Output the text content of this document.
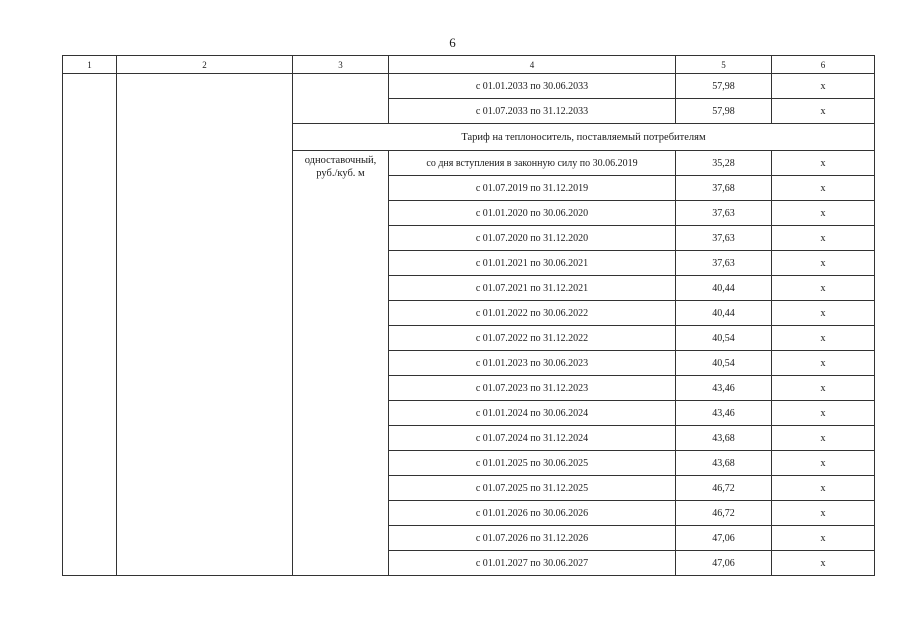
6
1	2	3	4	5	6
			с 01.01.2033 по 30.06.2033	57,98	х
			с 01.07.2033 по 31.12.2033	57,98	х
		Тариф на теплоноситель, поставляемый потребителям			
		одноставочный, руб./куб. м	со дня вступления в законную силу по 30.06.2019	35,28	х
			с 01.07.2019 по 31.12.2019	37,68	х
			с 01.01.2020 по 30.06.2020	37,63	х
			с 01.07.2020 по 31.12.2020	37,63	х
			с 01.01.2021 по 30.06.2021	37,63	х
			с 01.07.2021 по 31.12.2021	40,44	х
			с 01.01.2022 по 30.06.2022	40,44	х
			с 01.07.2022 по 31.12.2022	40,54	х
			с 01.01.2023 по 30.06.2023	40,54	х
			с 01.07.2023 по 31.12.2023	43,46	х
			с 01.01.2024 по 30.06.2024	43,46	х
			с 01.07.2024 по 31.12.2024	43,68	х
			с 01.01.2025 по 30.06.2025	43,68	х
			с 01.07.2025 по 31.12.2025	46,72	х
			с 01.01.2026 по 30.06.2026	46,72	х
			с 01.07.2026 по 31.12.2026	47,06	х
			с 01.01.2027 по 30.06.2027	47,06	х
